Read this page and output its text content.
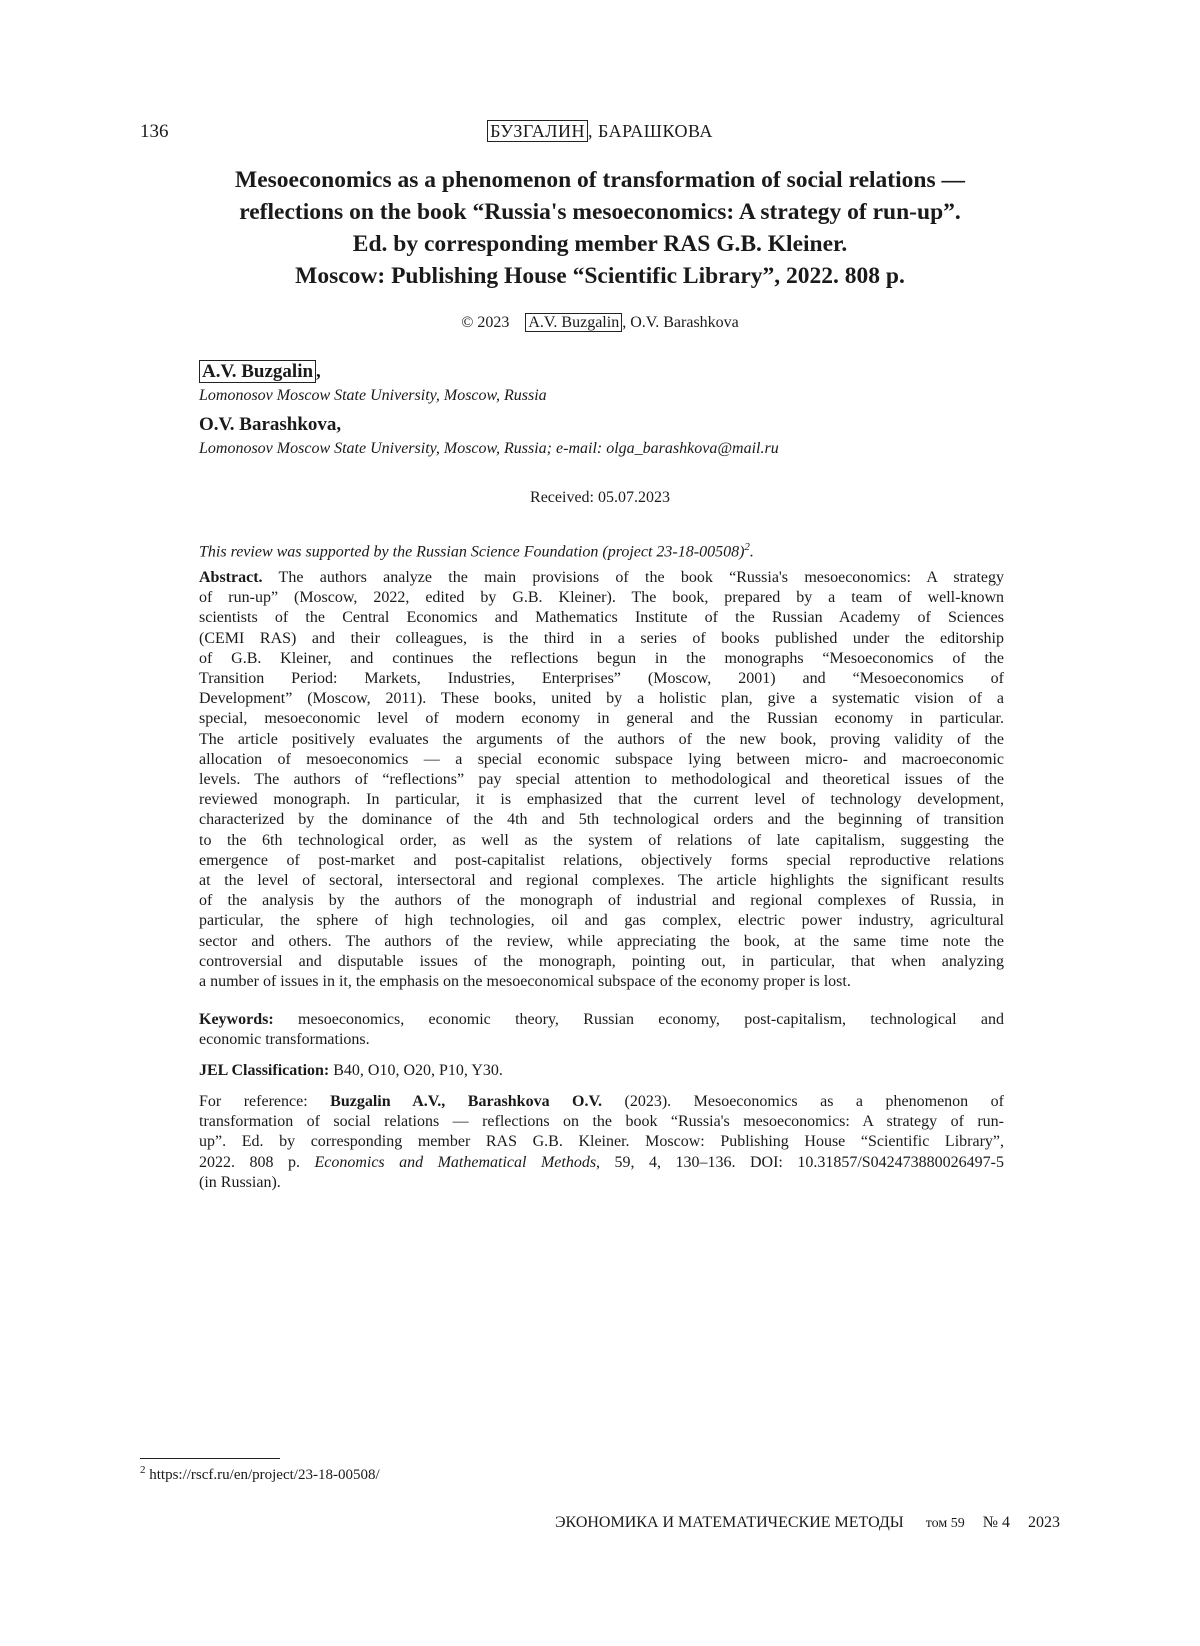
136	БУЗГАЛИН , БАРАШКОВА
Mesoeconomics as a phenomenon of transformation of social relations —
reflections on the book “Russia's mesoeconomics: A strategy of run-up”.
Ed. by corresponding member RAS G.B. Kleiner.
Moscow: Publishing House “Scientific Library”, 2022. 808 p.
© 2023 A.V. Buzgalin , O.V. Barashkova
A.V. Buzgalin ,
Lomonosov Moscow State University, Moscow, Russia
O.V. Barashkova,
Lomonosov Moscow State University, Moscow, Russia; e-mail: olga_barashkova@mail.ru
Received: 05.07.2023
This review was supported by the Russian Science Foundation (project 23-18-00508)$^2$.
Abstract. The authors analyze the main provisions of the book “Russia's mesoeconomics: A strategy
of run-up” (Moscow, 2022, edited by G.B. Kleiner). The book, prepared by a team of well-known
scientists of the Central Economics and Mathematics Institute of the Russian Academy of Sciences
(CEMI RAS) and their colleagues, is the third in a series of books published under the editorship
of G.B. Kleiner, and continues the reflections begun in the monographs “Mesoeconomics of the
Transition Period: Markets, Industries, Enterprises” (Moscow, 2001) and “Mesoeconomics of
Development” (Moscow, 2011). These books, united by a holistic plan, give a systematic vision of a
special, mesoeconomic level of modern economy in general and the Russian economy in particular.
The article positively evaluates the arguments of the authors of the new book, proving validity of the
allocation of mesoeconomics — a special economic subspace lying between micro- and macroeconomic
levels. The authors of “reflections” pay special attention to methodological and theoretical issues of the
reviewed monograph. In particular, it is emphasized that the current level of technology development,
characterized by the dominance of the 4th and 5th technological orders and the beginning of transition
to the 6th technological order, as well as the system of relations of late capitalism, suggesting the
emergence of post-market and post-capitalist relations, objectively forms special reproductive relations
at the level of sectoral, intersectoral and regional complexes. The article highlights the significant results
of the analysis by the authors of the monograph of industrial and regional complexes of Russia, in
particular, the sphere of high technologies, oil and gas complex, electric power industry, agricultural
sector and others. The authors of the review, while appreciating the book, at the same time note the
controversial and disputable issues of the monograph, pointing out, in particular, that when analyzing
a number of issues in it, the emphasis on the mesoeconomical subspace of the economy proper is lost.
Keywords: mesoeconomics, economic theory, Russian economy, post-capitalism, technological and
economic transformations.
JEL Classification: B40, O10, O20, P10, Y30.
For reference: Buzgalin A.V., Barashkova O.V. (2023). Mesoeconomics as a phenomenon of
transformation of social relations — reflections on the book “Russia's mesoeconomics: A strategy of run-
up”. Ed. by corresponding member RAS G.B. Kleiner. Moscow: Publishing House “Scientific Library”,
2022. 808 p. Economics and Mathematical Methods, 59, 4, 130–136. DOI: 10.31857/S042473880026497-5
(in Russian).
$^2$ https://rscf.ru/en/project/23-18-00508/
ЭКОНОМИКА И МАТЕМАТИЧЕСКИЕ МЕТОДЫ том 59 № 4 2023
